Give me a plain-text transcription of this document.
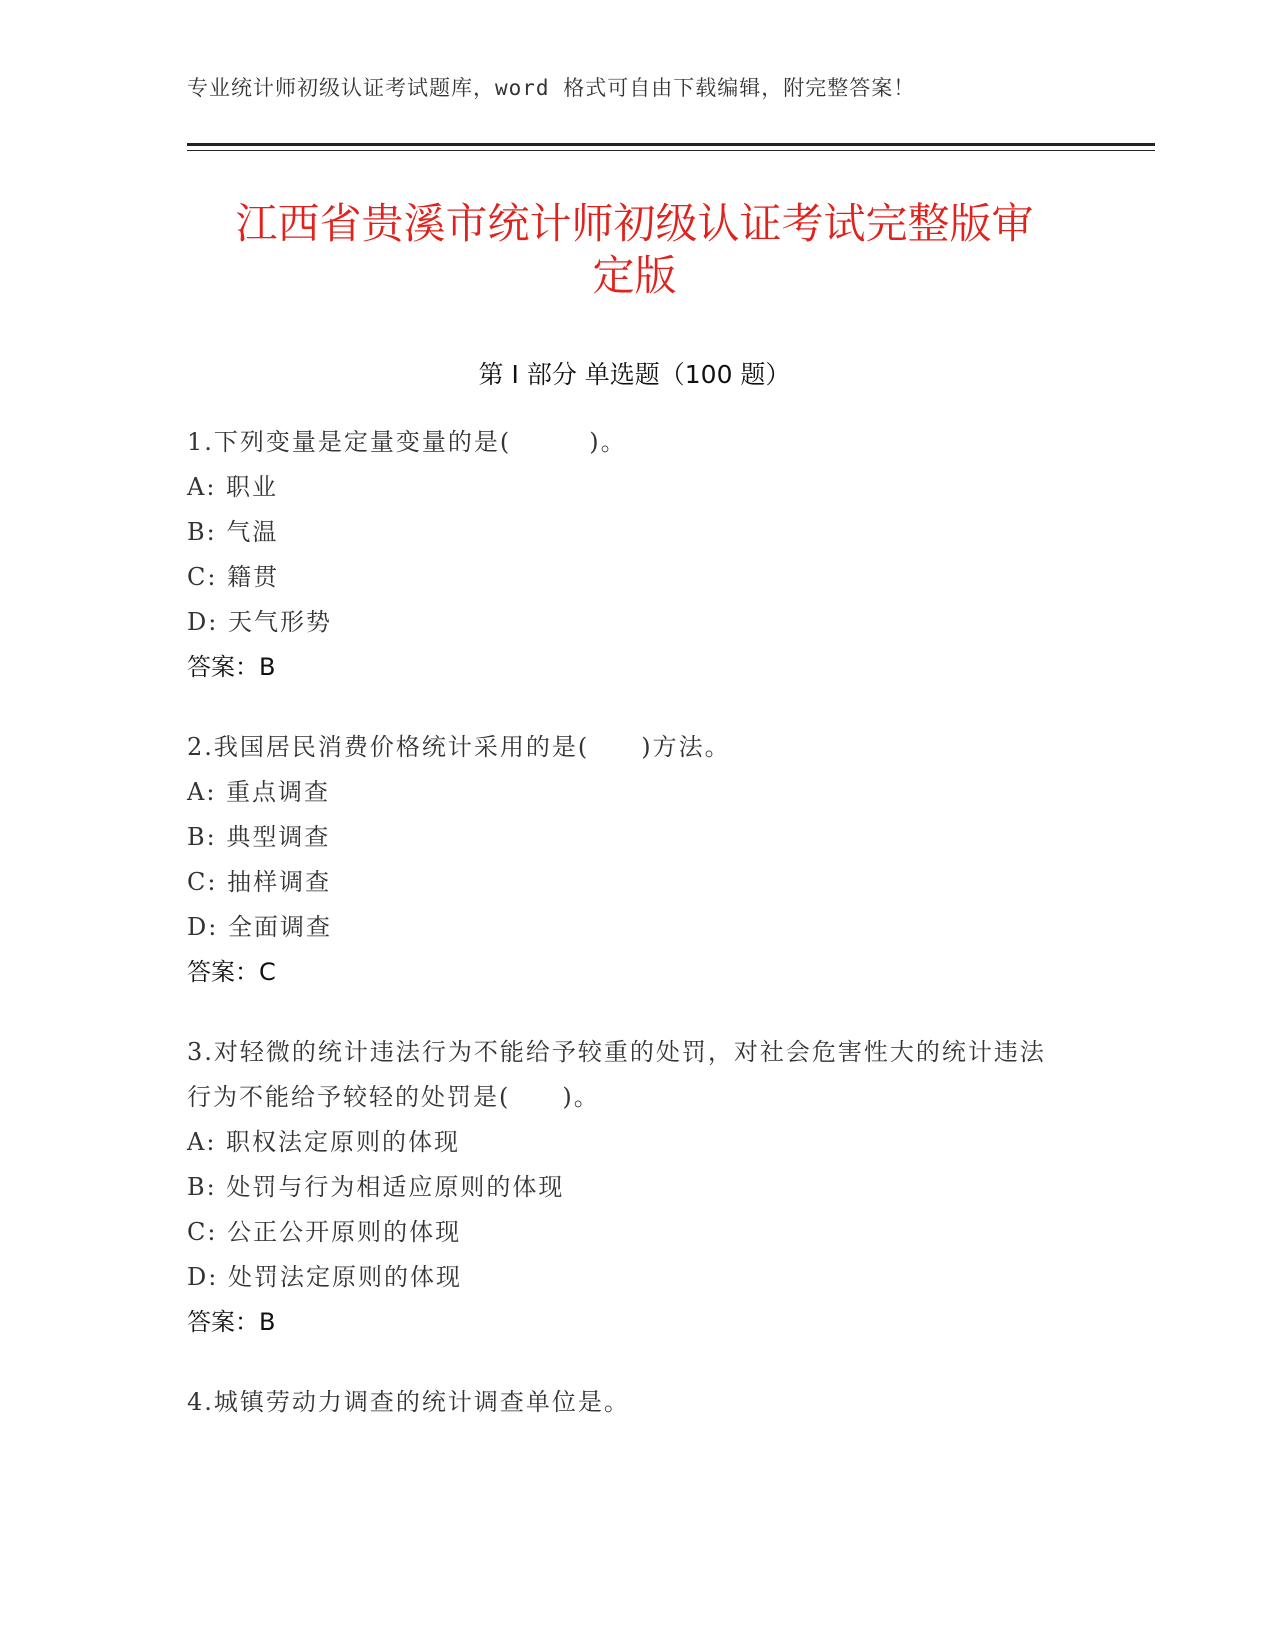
专业统计师初级认证考试题库，word 格式可自由下载编辑，附完整答案！
江西省贵溪市统计师初级认证考试完整版审
定版
第 I 部分 单选题（100 题）
1.下列变量是定量变量的是(　　　)。
A: 职业
B: 气温
C: 籍贯
D: 天气形势
答案：B
2.我国居民消费价格统计采用的是(　　)方法。
A: 重点调查
B: 典型调查
C: 抽样调查
D: 全面调查
答案：C
3.对轻微的统计违法行为不能给予较重的处罚，对社会危害性大的统计违法行为不能给予较轻的处罚是(　　)。
A: 职权法定原则的体现
B: 处罚与行为相适应原则的体现
C: 公正公开原则的体现
D: 处罚法定原则的体现
答案：B
4.城镇劳动力调查的统计调查单位是。
